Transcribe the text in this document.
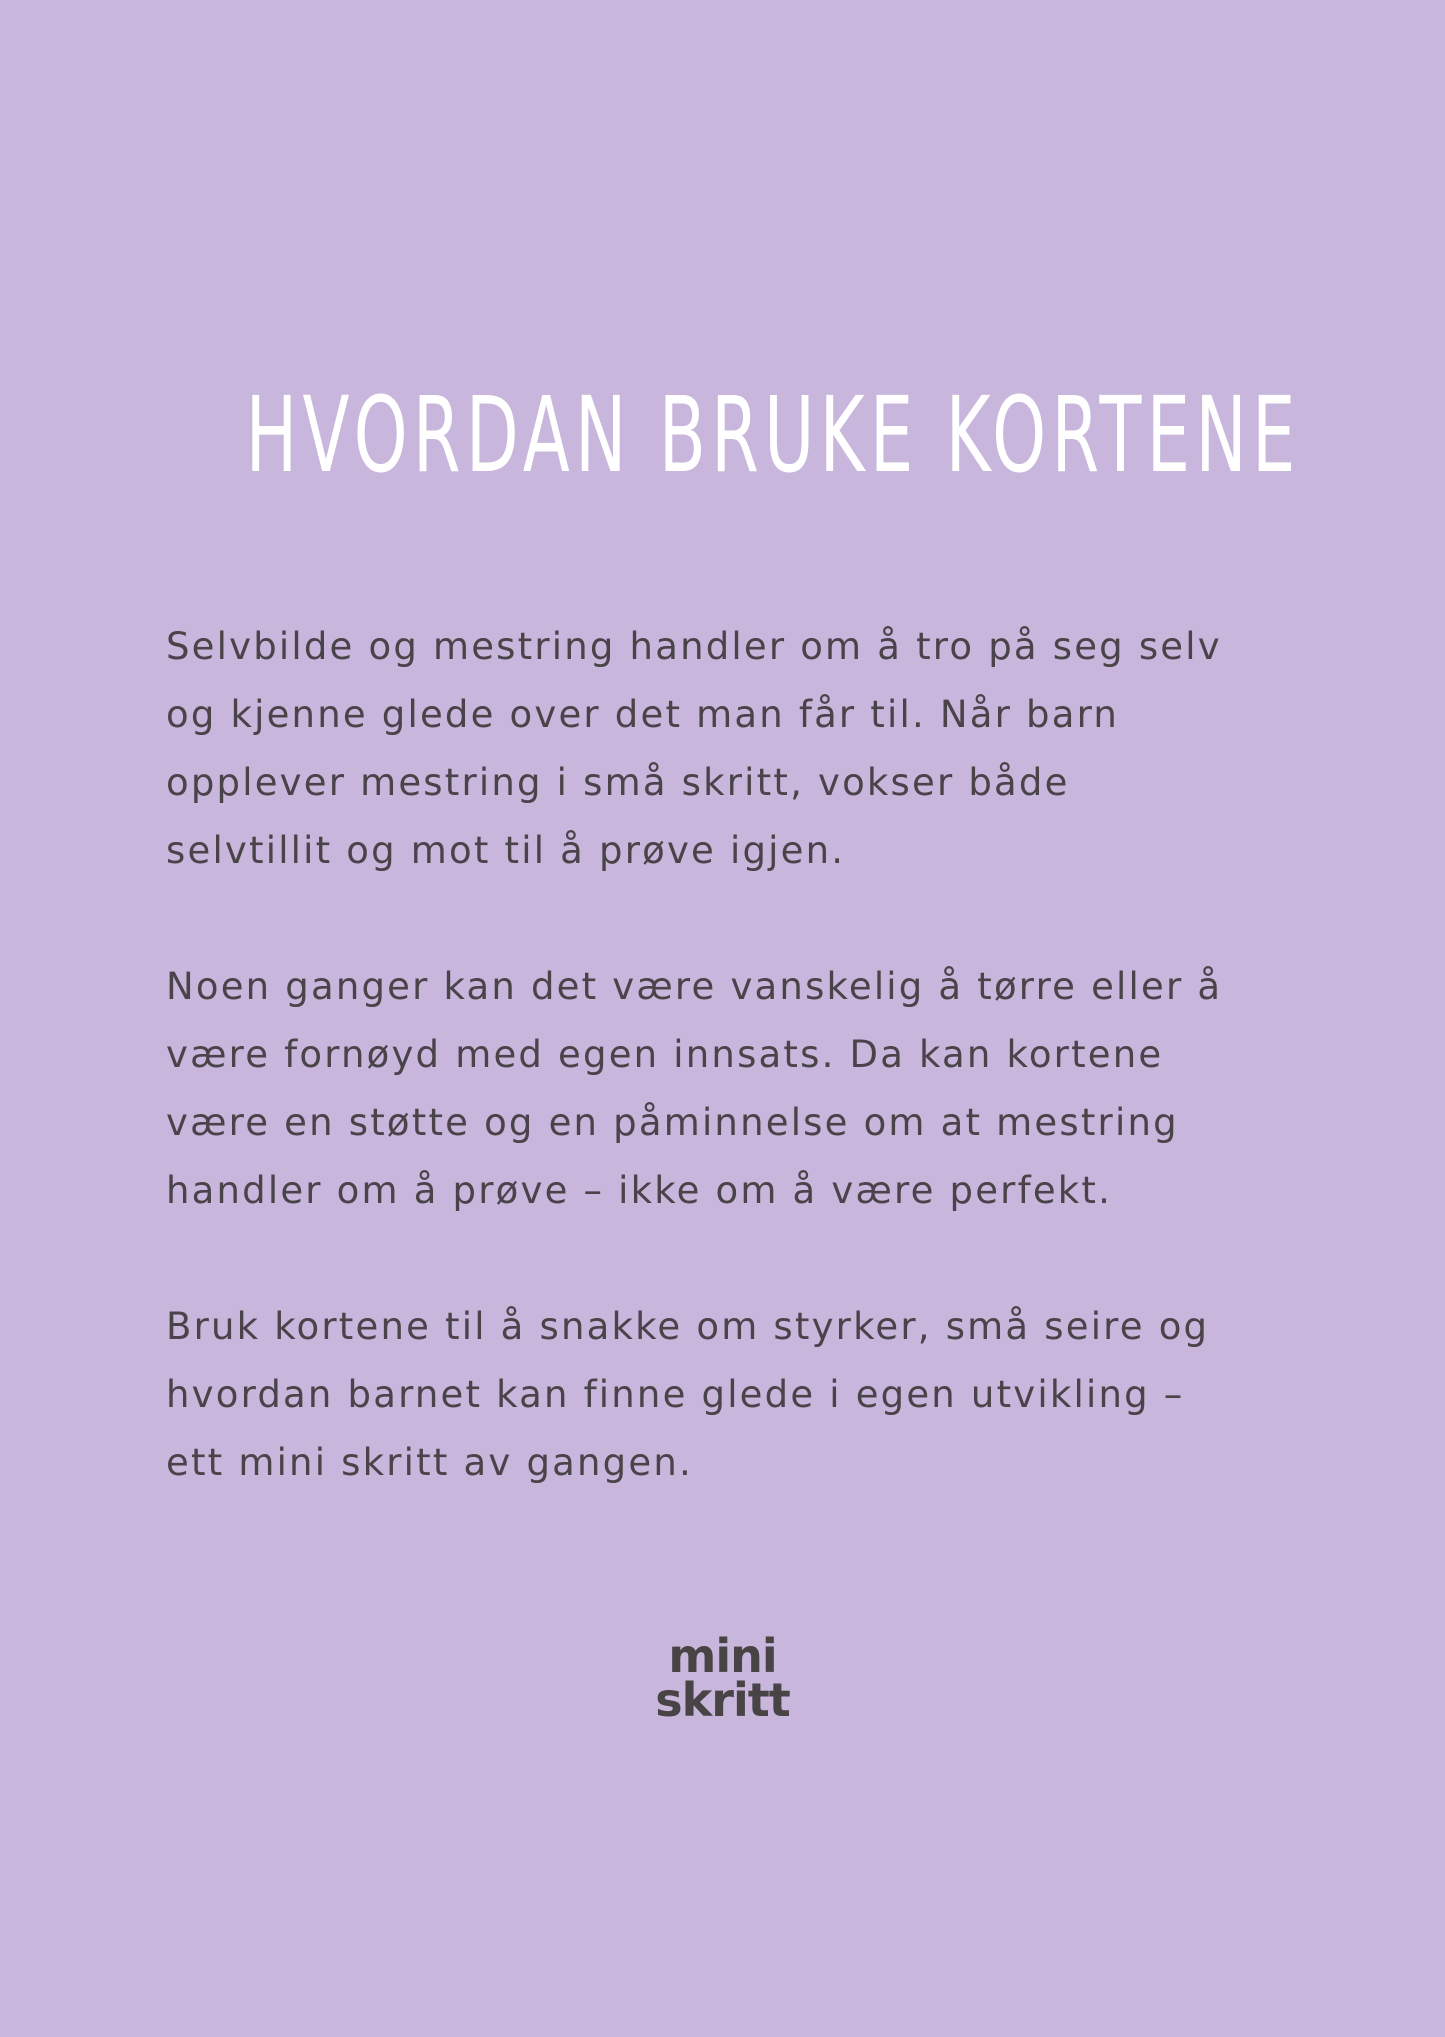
HVORDAN BRUKE KORTENE

Selvbilde og mestring handler om å tro på seg selv
og kjenne glede over det man får til. Når barn
opplever mestring i små skritt, vokser både
selvtillit og mot til å prøve igjen.

Noen ganger kan det være vanskelig å tørre eller å
være fornøyd med egen innsats. Da kan kortene
være en støtte og en påminnelse om at mestring
handler om å prøve – ikke om å være perfekt.

Bruk kortene til å snakke om styrker, små seire og
hvordan barnet kan finne glede i egen utvikling –
ett mini skritt av gangen.

mini
skritt
